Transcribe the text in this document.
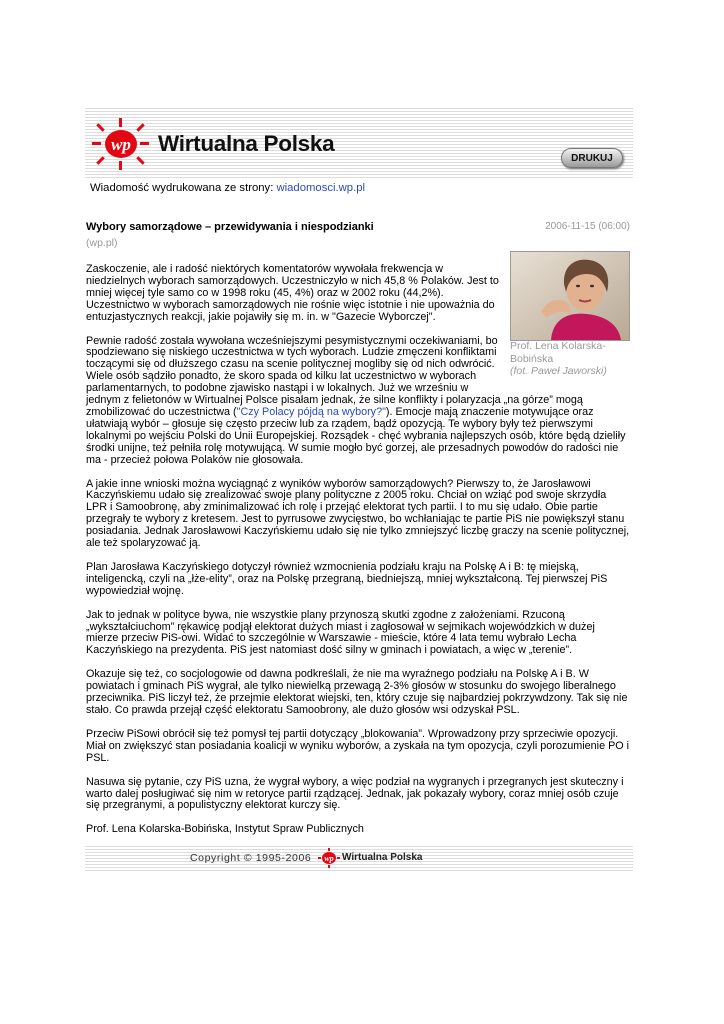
wp Wirtualna Polska
DRUKUJ
Wiadomość wydrukowana ze strony: wiadomosci.wp.pl
Wybory samorządowe – przewidywania i niespodzianki	2006-11-15 (06:00)
(wp.pl)
Prof. Lena Kolarska-Bobińska
(fot. Paweł Jaworski)

Zaskoczenie, ale i radość niektórych komentatorów wywołała frekwencja w niedzielnych wyborach samorządowych. Uczestniczyło w nich 45,8 % Polaków. Jest to mniej więcej tyle samo co w 1998 roku (45, 4%) oraz w 2002 roku (44,2%). Uczestnictwo w wyborach samorządowych nie rośnie więc istotnie i nie upoważnia do entuzjastycznych reakcji, jakie pojawiły się m. in. w "Gazecie Wyborczej".

Pewnie radość została wywołana wcześniejszymi pesymistycznymi oczekiwaniami, bo spodziewano się niskiego uczestnictwa w tych wyborach. Ludzie zmęczeni konfliktami toczącymi się od dłuższego czasu na scenie politycznej mogliby się od nich odwrócić. Wiele osób sądziło ponadto, że skoro spada od kilku lat uczestnictwo w wyborach parlamentarnych, to podobne zjawisko nastąpi i w lokalnych. Już we wrześniu w jednym z felietonów w Wirtualnej Polsce pisałam jednak, że silne konflikty i polaryzacja „na górze” mogą zmobilizować do uczestnictwa ("Czy Polacy pójdą na wybory?"). Emocje mają znaczenie motywujące oraz ułatwiają wybór – głosuje się często przeciw lub za rządem, bądź opozycją. Te wybory były też pierwszymi lokalnymi po wejściu Polski do Unii Europejskiej. Rozsądek - chęć wybrania najlepszych osób, które będą dzieliły środki unijne, też pełniła rolę motywującą. W sumie mogło być gorzej, ale przesadnych powodów do radości nie ma - przecież połowa Polaków nie głosowała.

A jakie inne wnioski można wyciągnąć z wyników wyborów samorządowych? Pierwszy to, że Jarosławowi Kaczyńskiemu udało się zrealizować swoje plany polityczne z 2005 roku. Chciał on wziąć pod swoje skrzydła LPR i Samoobronę, aby zminimalizować ich rolę i przejąć elektorat tych partii. I to mu się udało. Obie partie przegrały te wybory z kretesem. Jest to pyrrusowe zwycięstwo, bo wchłaniając te partie PiS nie powiększył stanu posiadania. Jednak Jarosławowi Kaczyńskiemu udało się nie tylko zmniejszyć liczbę graczy na scenie politycznej, ale też spolaryzować ją.

Plan Jarosława Kaczyńskiego dotyczył również wzmocnienia podziału kraju na Polskę A i B: tę miejską, inteligencką, czyli na „łże-elity”, oraz na Polskę przegraną, biedniejszą, mniej wykształconą. Tej pierwszej PiS wypowiedział wojnę.

Jak to jednak w polityce bywa, nie wszystkie plany przynoszą skutki zgodne z założeniami. Rzuconą „wykształciuchom” rękawicę podjął elektorat dużych miast i zagłosował w sejmikach wojewódzkich w dużej mierze przeciw PiS-owi. Widać to szczególnie w Warszawie - mieście, które 4 lata temu wybrało Lecha Kaczyńskiego na prezydenta. PiS jest natomiast dość silny w gminach i powiatach, a więc w „terenie”.

Okazuje się też, co socjologowie od dawna podkreślali, że nie ma wyraźnego podziału na Polskę A i B. W powiatach i gminach PiS wygrał, ale tylko niewielką przewagą 2-3% głosów w stosunku do swojego liberalnego przeciwnika. PiS liczył też, że przejmie elektorat wiejski, ten, który czuje się najbardziej pokrzywdzony. Tak się nie stało. Co prawda przejął część elektoratu Samoobrony, ale dużo głosów wsi odzyskał PSL.

Przeciw PiSowi obrócił się też pomysł tej partii dotyczący „blokowania”. Wprowadzony przy sprzeciwie opozycji. Miał on zwiększyć stan posiadania koalicji w wyniku wyborów, a zyskała na tym opozycja, czyli porozumienie PO i PSL.

Nasuwa się pytanie, czy PiS uzna, że wygrał wybory, a więc podział na wygranych i przegranych jest skuteczny i warto dalej posługiwać się nim w retoryce partii rządzącej. Jednak, jak pokazały wybory, coraz mniej osób czuje się przegranymi, a populistyczny elektorat kurczy się.

Prof. Lena Kolarska-Bobińska, Instytut Spraw Publicznych

Copyright © 1995-2006 wp Wirtualna Polska
